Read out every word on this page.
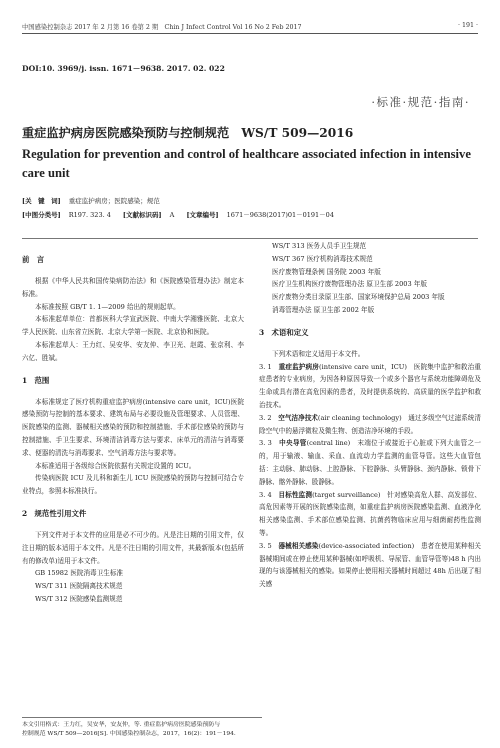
中国感染控制杂志 2017 年 2 月第 16 卷第 2 期　Chin J Infect Control Vol 16 No 2 Feb 2017	· 191 ·
DOI:10. 3969/j. issn. 1671－9638. 2017. 02. 022
·标准·规范·指南·
重症监护病房医院感染预防与控制规范　WS/T 509—2016
Regulation for prevention and control of healthcare associated infection in intensive care unit
[关　键　词] 重症监护病房；医院感染；规范
[中图分类号] R197. 323. 4 [文献标识码] A [文章编号] 1671－9638(2017)01－0191－04
前　言

根据《中华人民共和国传染病防治法》和《医院感染管理办法》制定本标准。

本标准按照 GB/T 1. 1—2009 给出的规则起草。

本标准起草单位：首都医科大学宣武医院、中南大学湘雅医院、北京大学人民医院、山东省立医院、北京大学第一医院、北京协和医院。

本标准起草人：王力红、吴安华、安友仲、李卫光、赵霞、张京利、李六亿、胜斌。

1　范围

本标准规定了医疗机构重症监护病房(intensive care unit，ICU)医院感染预防与控制的基本要求、建筑布局与必要设施及管理要求、人员管理、医院感染的监测、器械相关感染的预防和控制措施、手术部位感染的预防与控制措施、手卫生要求、环境清洁消毒方法与要求、床单元的清洁与消毒要求、便器的清洗与消毒要求、空气消毒方法与要求等。

本标准适用于各级综合医院依据有关规定设置的 ICU。

传染病医院 ICU 及儿科和新生儿 ICU 医院感染的预防与控制可结合专业特点，参照本标准执行。

2　规范性引用文件

下列文件对于本文件的应用是必不可少的。凡是注日期的引用文件，仅注日期的版本适用于本文件。凡是不注日期的引用文件，其最新版本(包括所有的修改单)适用于本文件。

GB 15982 医院消毒卫生标准

WS/T 311 医院隔离技术规范

WS/T 312 医院感染监测规范

WS/T 313 医务人员手卫生规范

WS/T 367 医疗机构消毒技术规范

医疗废物管理条例 国务院 2003 年版

医疗卫生机构医疗废物管理办法 原卫生部 2003 年版

医疗废物分类目录原卫生部、国家环境保护总局 2003 年版

消毒管理办法 原卫生部 2002 年版

3　术语和定义

下列术语和定义适用于本文件。

3. 1　 重症监护病房(intensive care unit，ICU)　医院集中监护和救治重症患者的专业病房，为因各种原因导致一个或多个器官与系统功能障碍危及生命或具有潜在高危因素的患者，及时提供系统的、高质量的医学监护和救治技术。

3. 2　 空气洁净技术(air cleaning technology)　通过多级空气过滤系统清除空气中的悬浮微粒及微生物、创造洁净环境的手段。

3. 3　 中央导管(central line)　末端位于或接近于心脏或下列大血管之一的，用于输液、输血、采血、血流动力学监测的血管导管。这些大血管包括：主动脉、肺动脉、上腔静脉、下腔静脉、头臂静脉、颈内静脉、锁骨下静脉、髂外静脉、股静脉。

3. 4　 目标性监测(target surveillance)　针对感染高危人群、高发部位、高危因素等开展的医院感染监测，如重症监护病房医院感染监测、血液净化相关感染监测、手术部位感染监测、抗菌药物临床应用与细菌耐药性监测等。

3. 5　 器械相关感染(device-associated infection)　患者在使用某种相关器械期间或在停止使用某种器械(如呼吸机、导尿管、血管导管等)48 h 内出现的与该器械相关的感染。如果停止使用相关器械时间超过 48h 后出现了相关感

本文引用格式：王力红，吴安华，安友仲，等. 重症监护病房医院感染预防与
控制规范 WS/T 509—2016[S]. 中国感染控制杂志，2017，16(2)：191－194.
